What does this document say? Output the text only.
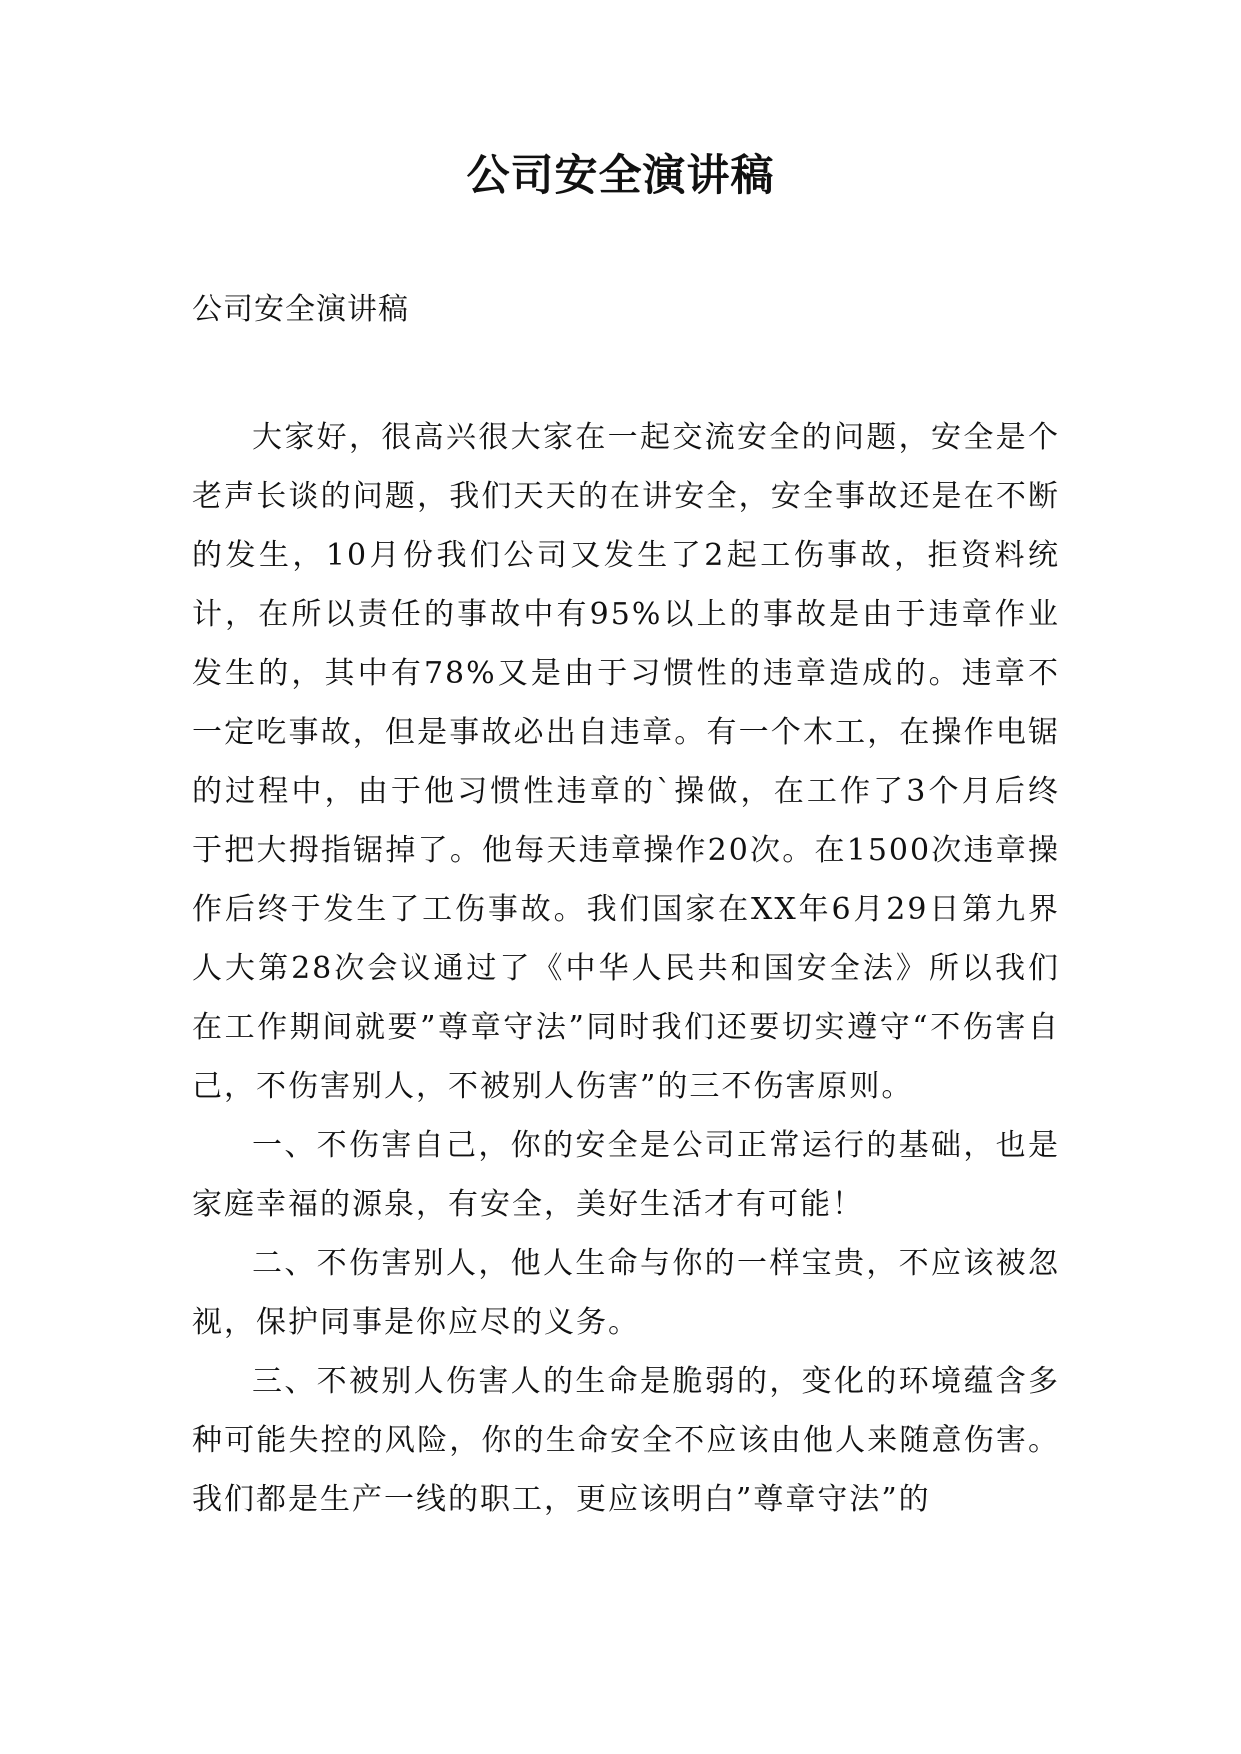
公司安全演讲稿
公司安全演讲稿

大家好，很高兴很大家在一起交流安全的问题，安全是个老声长谈的问题，我们天天的在讲安全，安全事故还是在不断的发生，10月份我们公司又发生了2起工伤事故，拒资料统计，在所以责任的事故中有95%以上的事故是由于违章作业发生的，其中有78%又是由于习惯性的违章造成的。违章不一定吃事故，但是事故必出自违章。有一个木工，在操作电锯的过程中，由于他习惯性违章的`操做，在工作了3个月后终于把大拇指锯掉了。他每天违章操作20次。在1500次违章操作后终于发生了工伤事故。我们国家在XX年6月29日第九界人大第28次会议通过了《中华人民共和国安全法》所以我们在工作期间就要”尊章守法”同时我们还要切实遵守“不伤害自己，不伤害别人，不被别人伤害”的三不伤害原则。

一、不伤害自己，你的安全是公司正常运行的基础，也是家庭幸福的源泉，有安全，美好生活才有可能！

二、不伤害别人，他人生命与你的一样宝贵，不应该被忽视，保护同事是你应尽的义务。

三、不被别人伤害人的生命是脆弱的，变化的环境蕴含多种可能失控的风险，你的生命安全不应该由他人来随意伤害。我们都是生产一线的职工，更应该明白”尊章守法”的
